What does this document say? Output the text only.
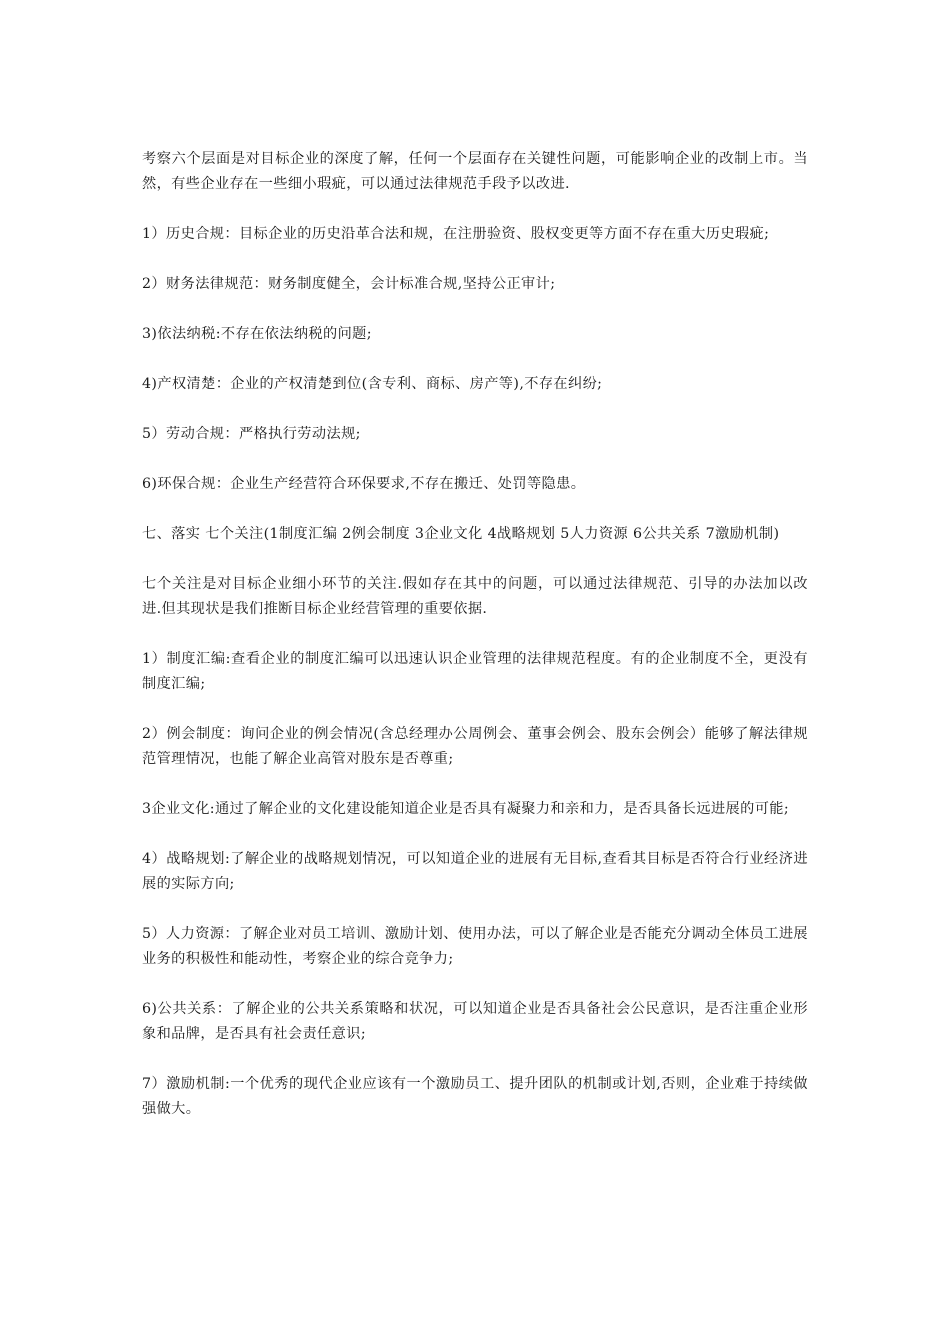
考察六个层面是对目标企业的深度了解，任何一个层面存在关键性问题，可能影响企业的改制上市。当然，有些企业存在一些细小瑕疵，可以通过法律规范手段予以改进.

1）历史合规：目标企业的历史沿革合法和规，在注册验资、股权变更等方面不存在重大历史瑕疵;

2）财务法律规范：财务制度健全，会计标准合规,坚持公正审计;

3)依法纳税:不存在依法纳税的问题;

4)产权清楚：企业的产权清楚到位(含专利、商标、房产等),不存在纠纷;

5）劳动合规：严格执行劳动法规;

6)环保合规：企业生产经营符合环保要求,不存在搬迁、处罚等隐患。

七、落实 七个关注(1制度汇编 2例会制度 3企业文化 4战略规划 5人力资源 6公共关系 7激励机制)

七个关注是对目标企业细小环节的关注.假如存在其中的问题，可以通过法律规范、引导的办法加以改进.但其现状是我们推断目标企业经营管理的重要依据.

1）制度汇编:查看企业的制度汇编可以迅速认识企业管理的法律规范程度。有的企业制度不全，更没有制度汇编;

2）例会制度：询问企业的例会情况(含总经理办公周例会、董事会例会、股东会例会）能够了解法律规范管理情况，也能了解企业高管对股东是否尊重;

3企业文化:通过了解企业的文化建设能知道企业是否具有凝聚力和亲和力，是否具备长远进展的可能;

4）战略规划:了解企业的战略规划情况，可以知道企业的进展有无目标,查看其目标是否符合行业经济进展的实际方向;

5）人力资源：了解企业对员工培训、激励计划、使用办法，可以了解企业是否能充分调动全体员工进展业务的积极性和能动性，考察企业的综合竞争力;

6)公共关系：了解企业的公共关系策略和状况，可以知道企业是否具备社会公民意识，是否注重企业形象和品牌，是否具有社会责任意识;

7）激励机制:一个优秀的现代企业应该有一个激励员工、提升团队的机制或计划,否则，企业难于持续做强做大。
